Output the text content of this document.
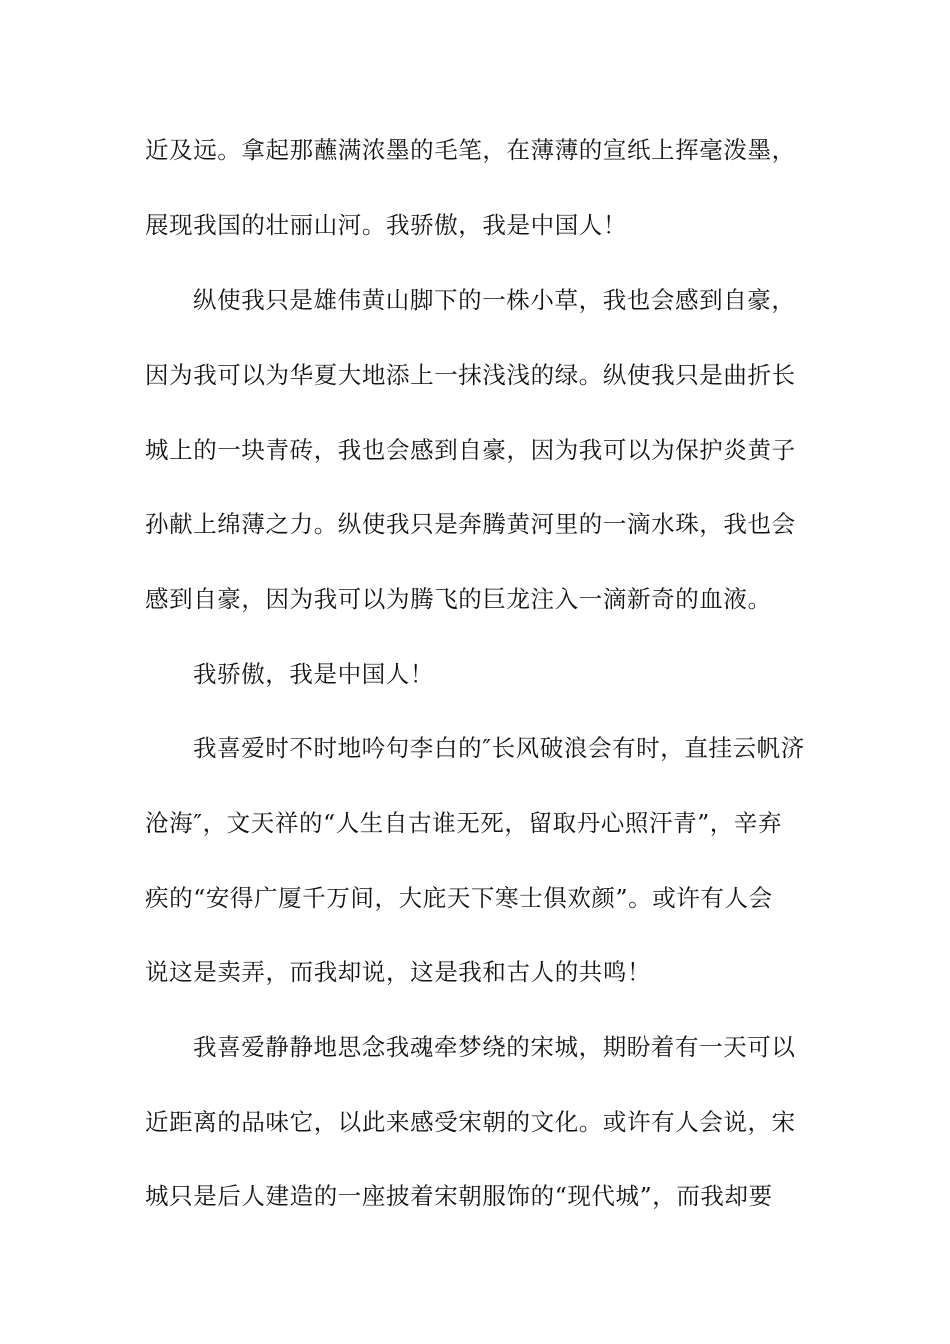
近及远。拿起那蘸满浓墨的毛笔，在薄薄的宣纸上挥毫泼墨，
展现我国的壮丽山河。我骄傲，我是中国人！
纵使我只是雄伟黄山脚下的一株小草，我也会感到自豪，
因为我可以为华夏大地添上一抹浅浅的绿。纵使我只是曲折长
城上的一块青砖，我也会感到自豪，因为我可以为保护炎黄子
孙献上绵薄之力。纵使我只是奔腾黄河里的一滴水珠，我也会
感到自豪，因为我可以为腾飞的巨龙注入一滴新奇的血液。
我骄傲，我是中国人！
我喜爱时不时地吟句李白的″长风破浪会有时，直挂云帆济
沧海″，文天祥的“人生自古谁无死，留取丹心照汗青”，辛弃
疾的“安得广厦千万间，大庇天下寒士俱欢颜”。或许有人会
说这是卖弄，而我却说，这是我和古人的共鸣！
我喜爱静静地思念我魂牵梦绕的宋城，期盼着有一天可以
近距离的品味它，以此来感受宋朝的文化。或许有人会说，宋
城只是后人建造的一座披着宋朝服饰的“现代城”，而我却要
